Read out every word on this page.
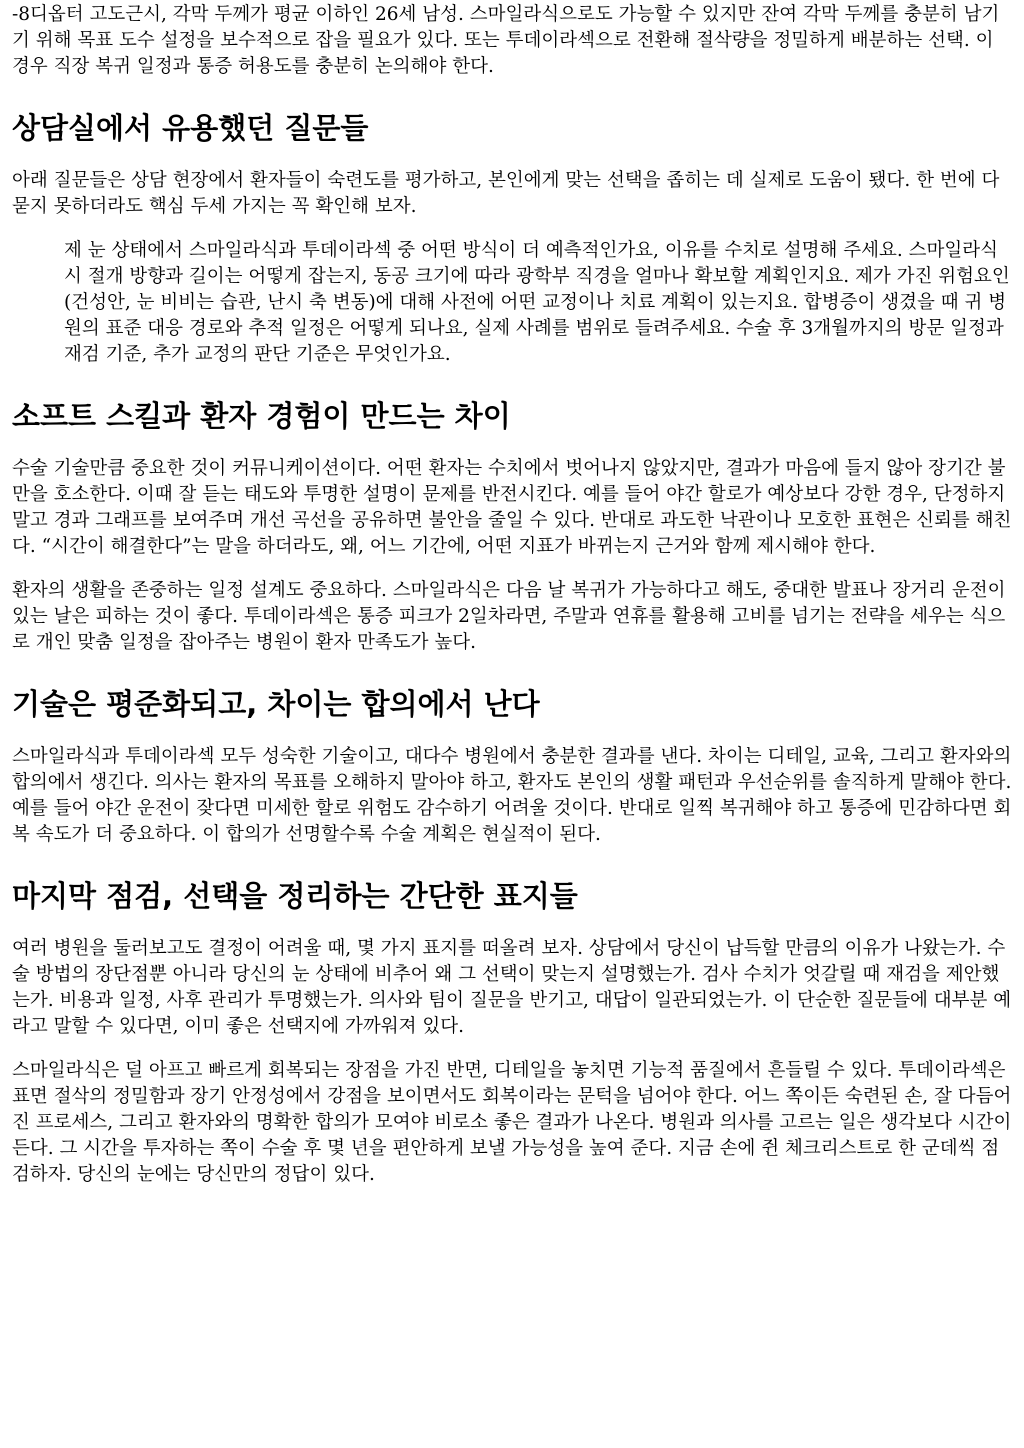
-8디옵터 고도근시, 각막 두께가 평균 이하인 26세 남성. 스마일라식으로도 가능할 수 있지만 잔여 각막 두께를 충분히 남기기 위해 목표 도수 설정을 보수적으로 잡을 필요가 있다. 또는 투데이라섹으로 전환해 절삭량을 정밀하게 배분하는 선택. 이 경우 직장 복귀 일정과 통증 허용도를 충분히 논의해야 한다.

상담실에서 유용했던 질문들

아래 질문들은 상담 현장에서 환자들이 숙련도를 평가하고, 본인에게 맞는 선택을 좁히는 데 실제로 도움이 됐다. 한 번에 다 묻지 못하더라도 핵심 두세 가지는 꼭 확인해 보자.

제 눈 상태에서 스마일라식과 투데이라섹 중 어떤 방식이 더 예측적인가요, 이유를 수치로 설명해 주세요. 스마일라식 시 절개 방향과 길이는 어떻게 잡는지, 동공 크기에 따라 광학부 직경을 얼마나 확보할 계획인지요. 제가 가진 위험요인(건성안, 눈 비비는 습관, 난시 축 변동)에 대해 사전에 어떤 교정이나 치료 계획이 있는지요. 합병증이 생겼을 때 귀 병원의 표준 대응 경로와 추적 일정은 어떻게 되나요, 실제 사례를 범위로 들려주세요. 수술 후 3개월까지의 방문 일정과 재검 기준, 추가 교정의 판단 기준은 무엇인가요.
소프트 스킬과 환자 경험이 만드는 차이

수술 기술만큼 중요한 것이 커뮤니케이션이다. 어떤 환자는 수치에서 벗어나지 않았지만, 결과가 마음에 들지 않아 장기간 불만을 호소한다. 이때 잘 듣는 태도와 투명한 설명이 문제를 반전시킨다. 예를 들어 야간 할로가 예상보다 강한 경우, 단정하지 말고 경과 그래프를 보여주며 개선 곡선을 공유하면 불안을 줄일 수 있다. 반대로 과도한 낙관이나 모호한 표현은 신뢰를 해친다. “시간이 해결한다”는 말을 하더라도, 왜, 어느 기간에, 어떤 지표가 바뀌는지 근거와 함께 제시해야 한다.

환자의 생활을 존중하는 일정 설계도 중요하다. 스마일라식은 다음 날 복귀가 가능하다고 해도, 중대한 발표나 장거리 운전이 있는 날은 피하는 것이 좋다. 투데이라섹은 통증 피크가 2일차라면, 주말과 연휴를 활용해 고비를 넘기는 전략을 세우는 식으로 개인 맞춤 일정을 잡아주는 병원이 환자 만족도가 높다.

기술은 평준화되고, 차이는 합의에서 난다

스마일라식과 투데이라섹 모두 성숙한 기술이고, 대다수 병원에서 충분한 결과를 낸다. 차이는 디테일, 교육, 그리고 환자와의 합의에서 생긴다. 의사는 환자의 목표를 오해하지 말아야 하고, 환자도 본인의 생활 패턴과 우선순위를 솔직하게 말해야 한다. 예를 들어 야간 운전이 잦다면 미세한 할로 위험도 감수하기 어려울 것이다. 반대로 일찍 복귀해야 하고 통증에 민감하다면 회복 속도가 더 중요하다. 이 합의가 선명할수록 수술 계획은 현실적이 된다.

마지막 점검, 선택을 정리하는 간단한 표지들

여러 병원을 둘러보고도 결정이 어려울 때, 몇 가지 표지를 떠올려 보자. 상담에서 당신이 납득할 만큼의 이유가 나왔는가. 수술 방법의 장단점뿐 아니라 당신의 눈 상태에 비추어 왜 그 선택이 맞는지 설명했는가. 검사 수치가 엇갈릴 때 재검을 제안했는가. 비용과 일정, 사후 관리가 투명했는가. 의사와 팀이 질문을 반기고, 대답이 일관되었는가. 이 단순한 질문들에 대부분 예라고 말할 수 있다면, 이미 좋은 선택지에 가까워져 있다.

스마일라식은 덜 아프고 빠르게 회복되는 장점을 가진 반면, 디테일을 놓치면 기능적 품질에서 흔들릴 수 있다. 투데이라섹은 표면 절삭의 정밀함과 장기 안정성에서 강점을 보이면서도 회복이라는 문턱을 넘어야 한다. 어느 쪽이든 숙련된 손, 잘 다듬어진 프로세스, 그리고 환자와의 명확한 합의가 모여야 비로소 좋은 결과가 나온다. 병원과 의사를 고르는 일은 생각보다 시간이 든다. 그 시간을 투자하는 쪽이 수술 후 몇 년을 편안하게 보낼 가능성을 높여 준다. 지금 손에 쥔 체크리스트로 한 군데씩 점검하자. 당신의 눈에는 당신만의 정답이 있다.
